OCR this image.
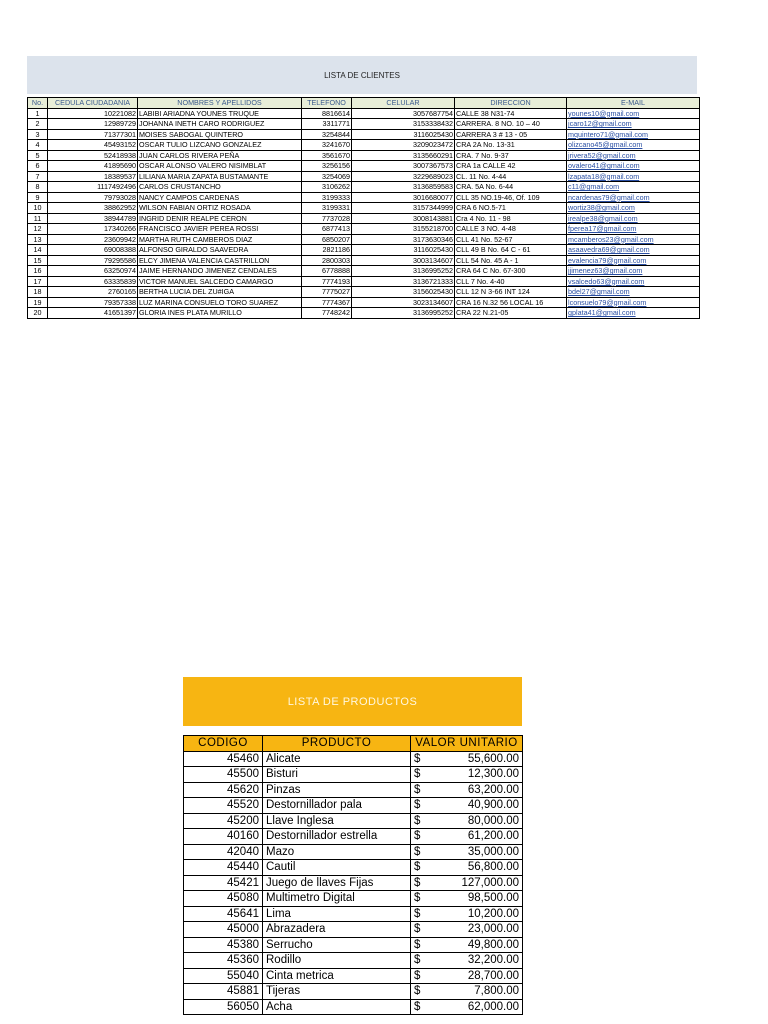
LISTA DE CLIENTES
No.	CEDULA CIUDADANIA	NOMBRES Y APELLIDOS	TELEFONO	CELULAR	DIRECCION	E-MAIL
1	10221082	LABIBI ARIADNA YOUNES TRUQUE	8816614	3057687754	CALLE 38 N31-74	younes10@gmail.com
2	12989729	JOHANNA INETH CARO RODRIGUEZ	3311771	3153338432	CARRERA. 8 NO. 10 – 40	jcaro12@gmail.com
3	71377301	MOISES SABOGAL QUINTERO	3254844	3116025430	CARRERA 3 # 13 - 05	mquintero71@gmail.com
4	45493152	OSCAR TULIO LIZCANO GONZALEZ	3241670	3209023472	CRA 2A No. 13-31	olizcano45@gmail.com
5	52418938	JUAN CARLOS RIVERA PEÑA	3561670	3135660291	CRA. 7 No. 9-37	jrivera52@gmail.com
6	41895690	OSCAR ALONSO VALERO NISIMBLAT	3256156	3007367573	CRA 1a CALLE 42	ovalero41@gmail.com
7	18389537	LILIANA MARIA ZAPATA BUSTAMANTE	3254069	3229689023	CL. 11 No. 4-44	lzapata18@gmail.com
8	1117492496	CARLOS CRUSTANCHO	3106262	3136859583	CRA. 5A No. 6-44	c11@gmail.com
9	79793028	NANCY CAMPOS CARDENAS	3199333	3016680077	CLL 35 NO.19-46, Of. 109	ncardenas79@gmail.com
10	38862952	WILSON FABIAN ORTIZ ROSADA	3199331	3157344999	CRA 6 NO.5-71	wortiz38@gmail.com
11	38944789	INGRID DENIR REALPE CERON	7737028	3008143881	Cra 4 No. 11 - 98	irealpe38@gmail.com
12	17340266	FRANCISCO JAVIER PEREA ROSSI	6877413	3155218700	CALLE 3 NO. 4-48	fperea17@gmail.com
13	23609942	MARTHA RUTH CAMBEROS DIAZ	6850207	3173630346	CLL 41 No. 52-67	mcamberos23@gmail.com
14	69008388	ALFONSO GIRALDO SAAVEDRA	2821186	3116025430	CLL 49 B No. 64 C - 61	asaavedra69@gmail.com
15	79295586	ELCY JIMENA VALENCIA CASTRILLON	2800303	3003134607	CLL 54 No. 45 A - 1	evalencia79@gmail.com
16	63250974	JAIME HERNANDO JIMENEZ CENDALES	6778888	3136995252	CRA 64 C No. 67-300	jjimenez63@gmail.com
17	63335839	VICTOR MANUEL SALCEDO CAMARGO	7774193	3136721333	CLL 7 No. 4-40	vsalcedo63@gmail.com
18	2760165	BERTHA LUCIA DEL ZU#IGA	7775027	3156025430	CLL 12 N 3-66 INT 124	bdel27@gmail.com
19	79357338	LUZ MARINA CONSUELO TORO SUAREZ	7774367	3023134607	CRA 16 N.32 56 LOCAL 16	lconsuelo79@gmail.com
20	41651397	GLORIA INES PLATA MURILLO	7748242	3136995252	CRA 22 N.21-05	gplata41@gmail.com
LISTA DE PRODUCTOS
CODIGO	PRODUCTO	VALOR UNITARIO
45460	Alicate	$ 55,600.00

45500	Bisturi	$ 12,300.00

45620	Pinzas	$ 63,200.00

45520	Destornillador pala	$ 40,900.00

45200	Llave Inglesa	$ 80,000.00

40160	Destornillador estrella	$ 61,200.00

42040	Mazo	$ 35,000.00

45440	Cautil	$ 56,800.00

45421	Juego de llaves Fijas	$ 127,000.00

45080	Multimetro Digital	$ 98,500.00

45641	Lima	$ 10,200.00

45000	Abrazadera	$ 23,000.00

45380	Serrucho	$ 49,800.00

45360	Rodillo	$ 32,200.00

55040	Cinta metrica	$ 28,700.00

45881	Tijeras	$ 7,800.00

56050	Acha	$ 62,000.00
